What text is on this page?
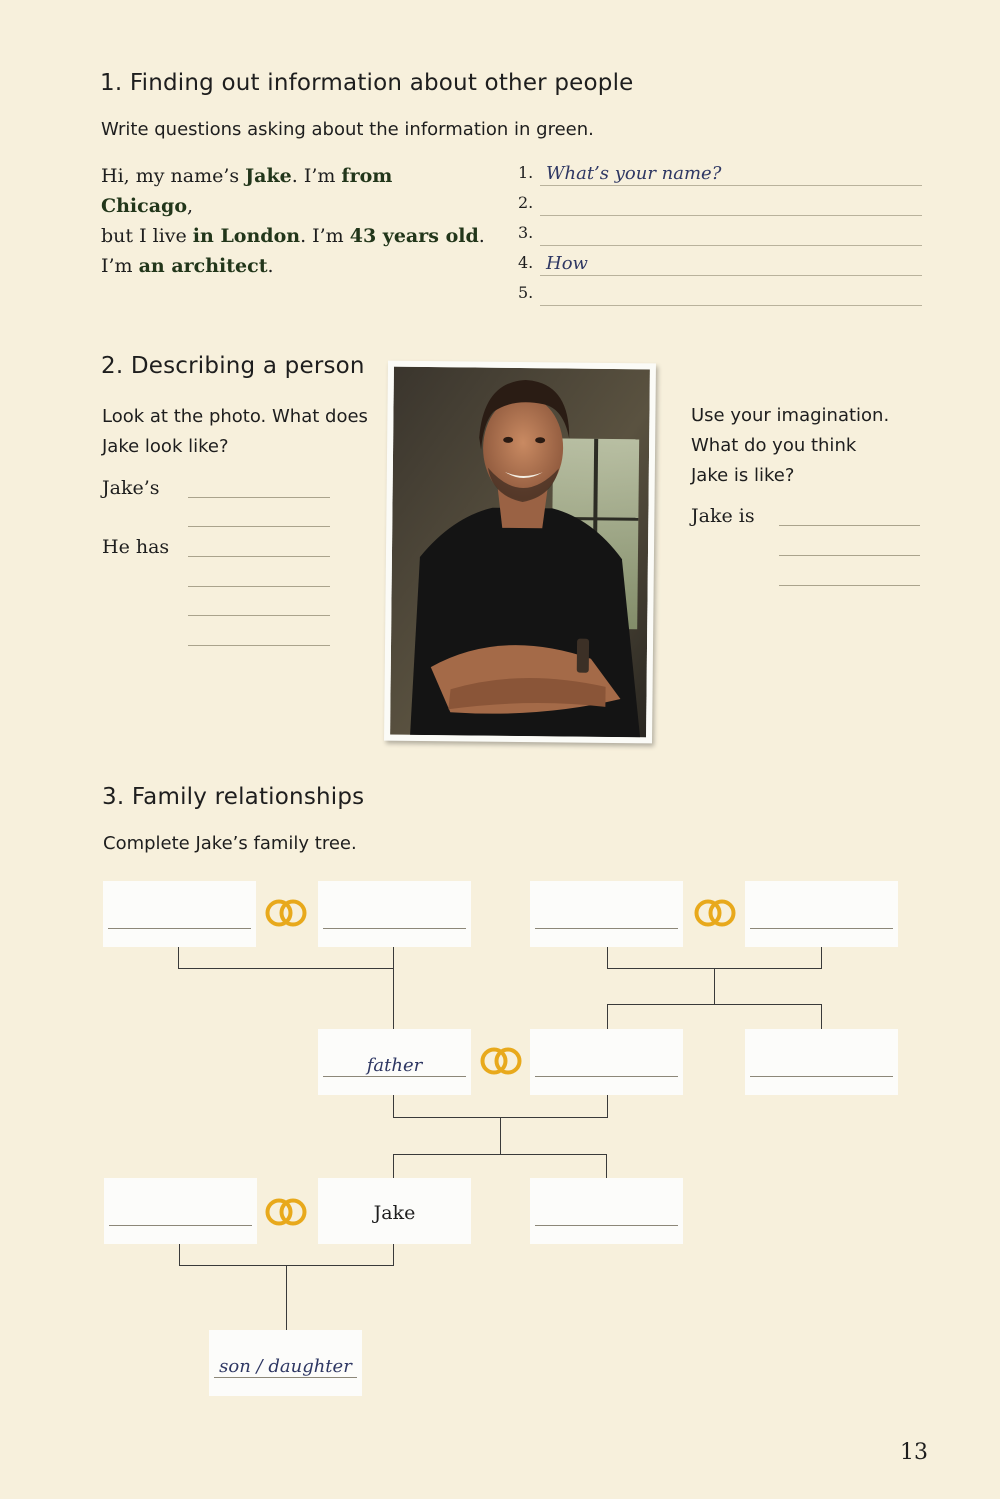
1. Finding out information about other people
Write questions asking about the information in green.
Hi, my name’s Jake. I’m from Chicago,
but I live in London. I’m 43 years old.
I’m an architect.
1. What’s your name?
2.
3.
4. How
5.
2. Describing a person
Look at the photo. What does
Jake look like?
Jake’s
He has
Use your imagination.
What do you think
Jake is like?
Jake is
3. Family relationships
Complete Jake’s family tree.
father
Jake
son / daughter
13
